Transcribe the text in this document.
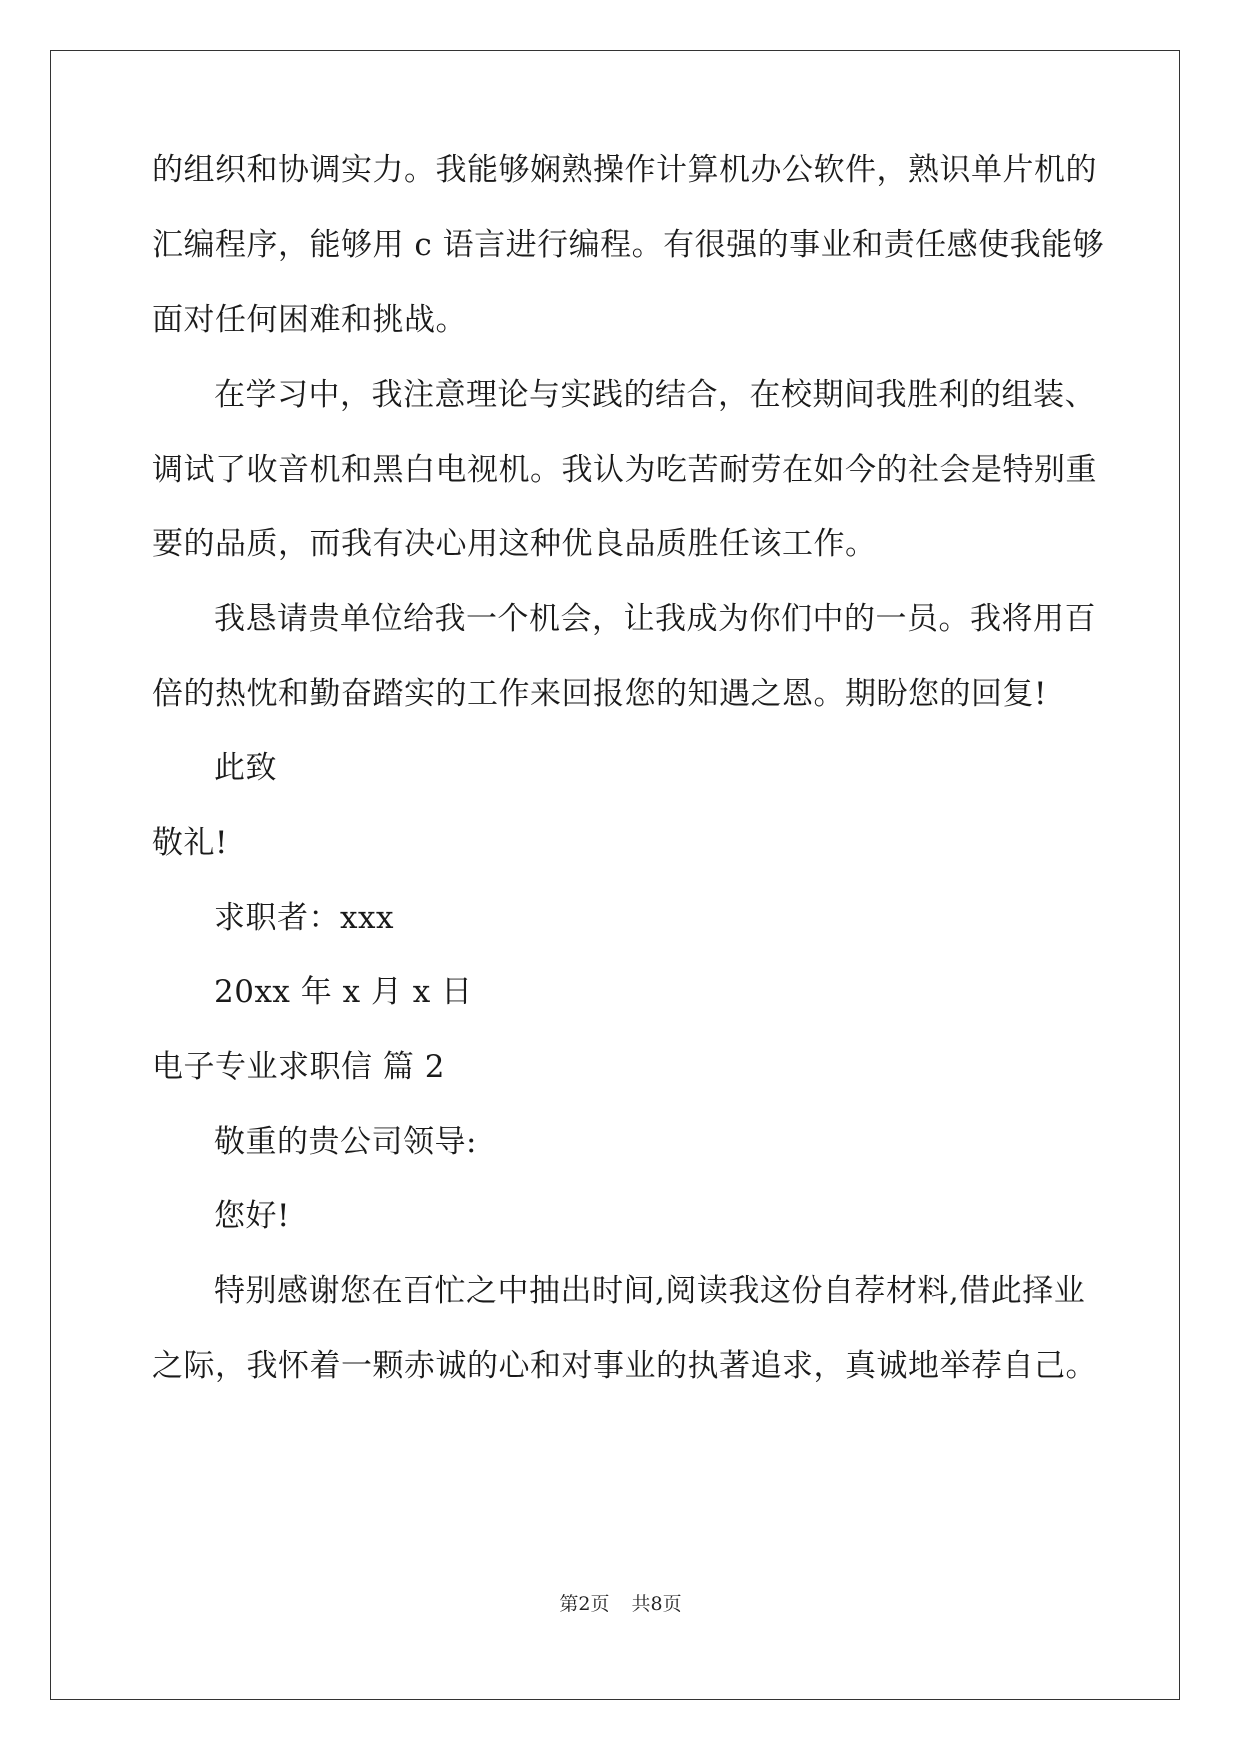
的组织和协调实力。我能够娴熟操作计算机办公软件，熟识单片机的
汇编程序，能够用 c 语言进行编程。有很强的事业和责任感使我能够
面对任何困难和挑战。
在学习中，我注意理论与实践的结合，在校期间我胜利的组装、
调试了收音机和黑白电视机。我认为吃苦耐劳在如今的社会是特别重
要的品质，而我有决心用这种优良品质胜任该工作。
我恳请贵单位给我一个机会，让我成为你们中的一员。我将用百
倍的热忱和勤奋踏实的工作来回报您的知遇之恩。期盼您的回复!
此致
敬礼!
求职者：xxx
20xx 年 x 月 x 日
电子专业求职信 篇 2
敬重的贵公司领导:
您好!
特别感谢您在百忙之中抽出时间,阅读我这份自荐材料,借此择业
之际，我怀着一颗赤诚的心和对事业的执著追求，真诚地举荐自己。
第2页 共8页
